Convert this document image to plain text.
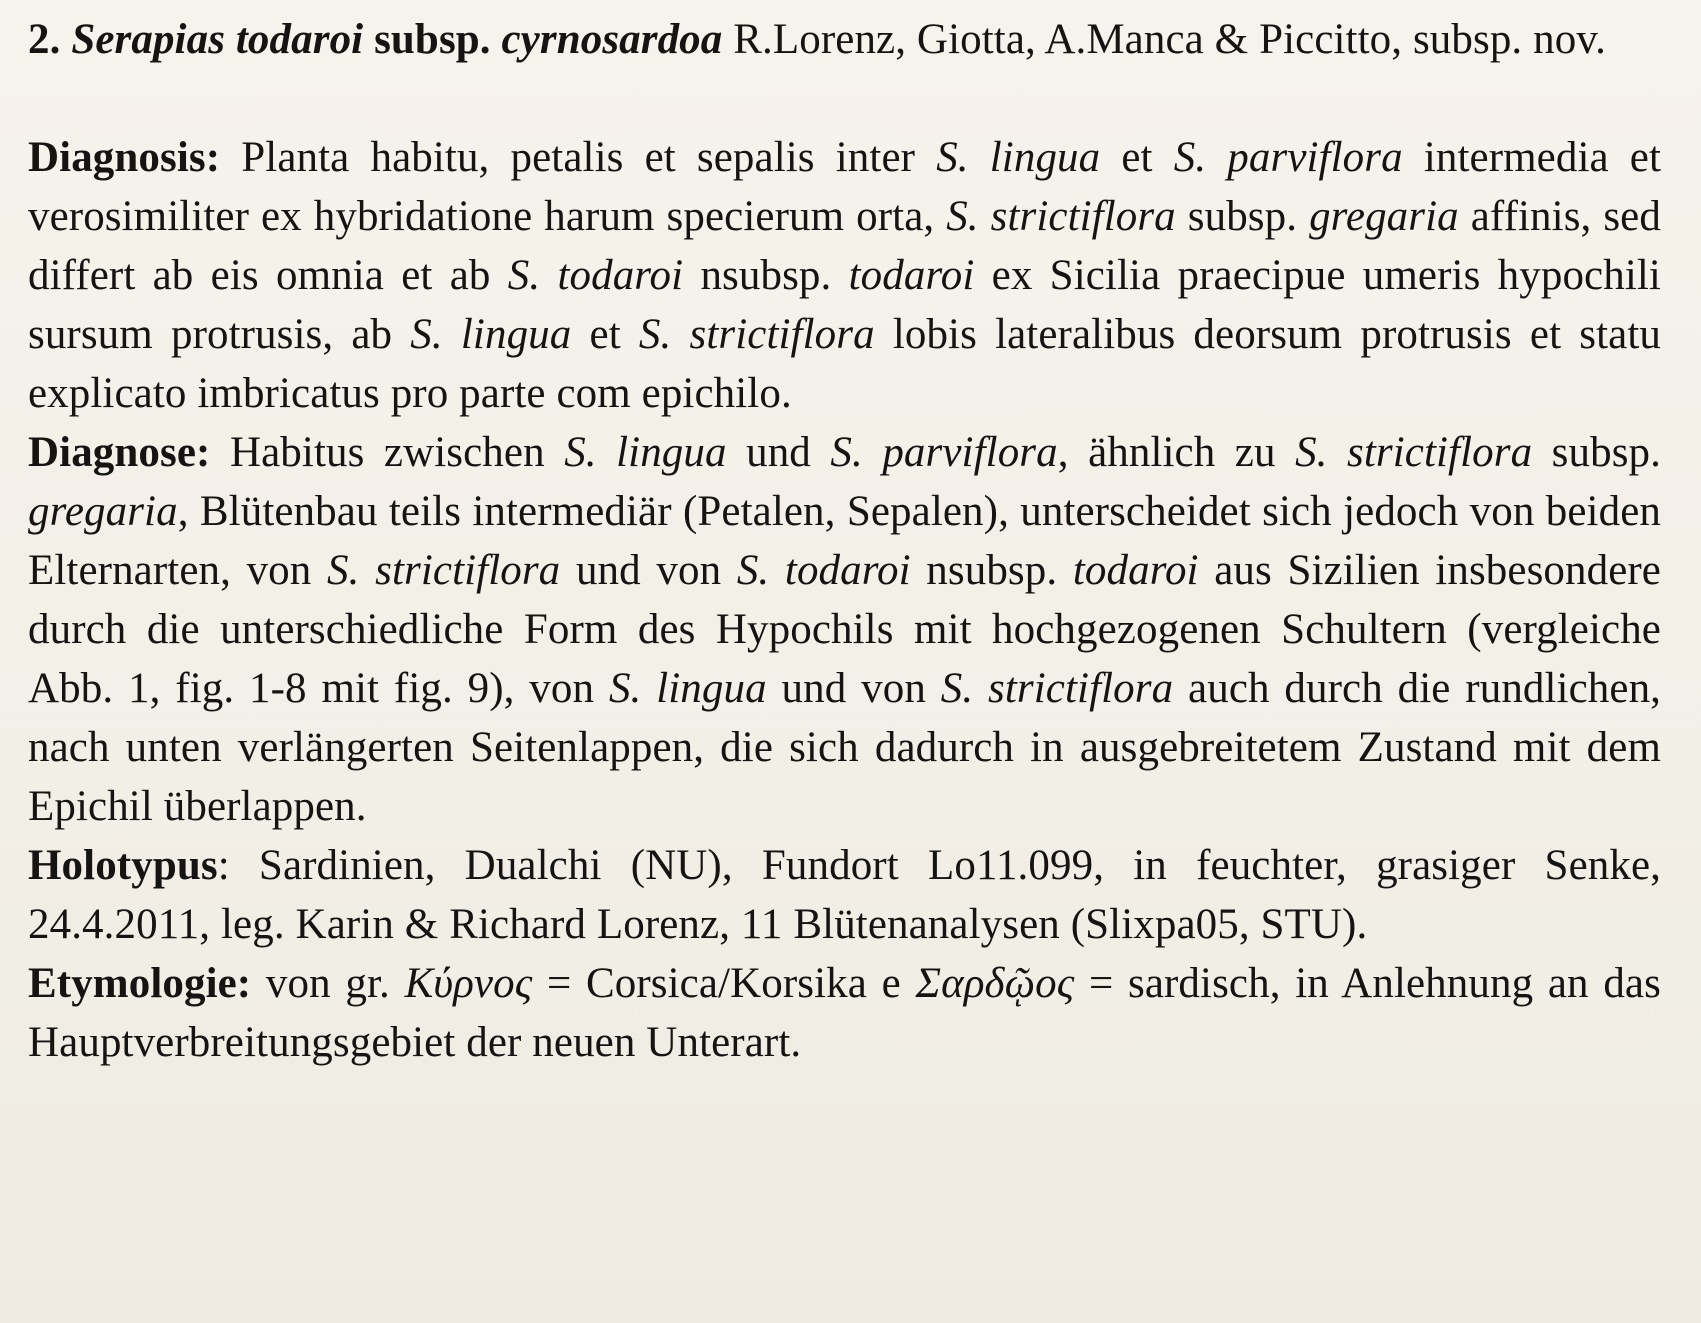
2. Serapias todaroi subsp. cyrnosardoa R.Lorenz, Giotta, A.Manca & Piccitto, subsp. nov.

Diagnosis: Planta habitu, petalis et sepalis inter S. lingua et S. parviflora intermedia et verosimiliter ex hybridatione harum specierum orta, S. strictiflora subsp. gregaria affinis, sed differt ab eis omnia et ab S. todaroi nsubsp. todaroi ex Sicilia praecipue umeris hypochili sursum protrusis, ab S. lingua et S. strictiflora lobis lateralibus deorsum protrusis et statu explicato imbricatus pro parte com epichilo.

Diagnose: Habitus zwischen S. lingua und S. parviflora, ähnlich zu S. strictiflora subsp. gregaria, Blütenbau teils intermediär (Petalen, Sepalen), unterscheidet sich jedoch von beiden Elternarten, von S. strictiflora und von S. todaroi nsubsp. todaroi aus Sizilien insbesondere durch die unterschiedliche Form des Hypochils mit hochgezogenen Schultern (vergleiche Abb. 1, fig. 1-8 mit fig. 9), von S. lingua und von S. strictiflora auch durch die rundlichen, nach unten verlängerten Seitenlappen, die sich dadurch in ausgebreitetem Zustand mit dem Epichil überlappen.

Holotypus: Sardinien, Dualchi (NU), Fundort Lo11.099, in feuchter, grasiger Senke, 24.4.2011, leg. Karin & Richard Lorenz, 11 Blütenanalysen (Slixpa05, STU).

Etymologie: von gr. Κύρνος = Corsica/Korsika e Σαρδῷος = sardisch, in Anlehnung an das Hauptverbreitungsgebiet der neuen Unterart.
